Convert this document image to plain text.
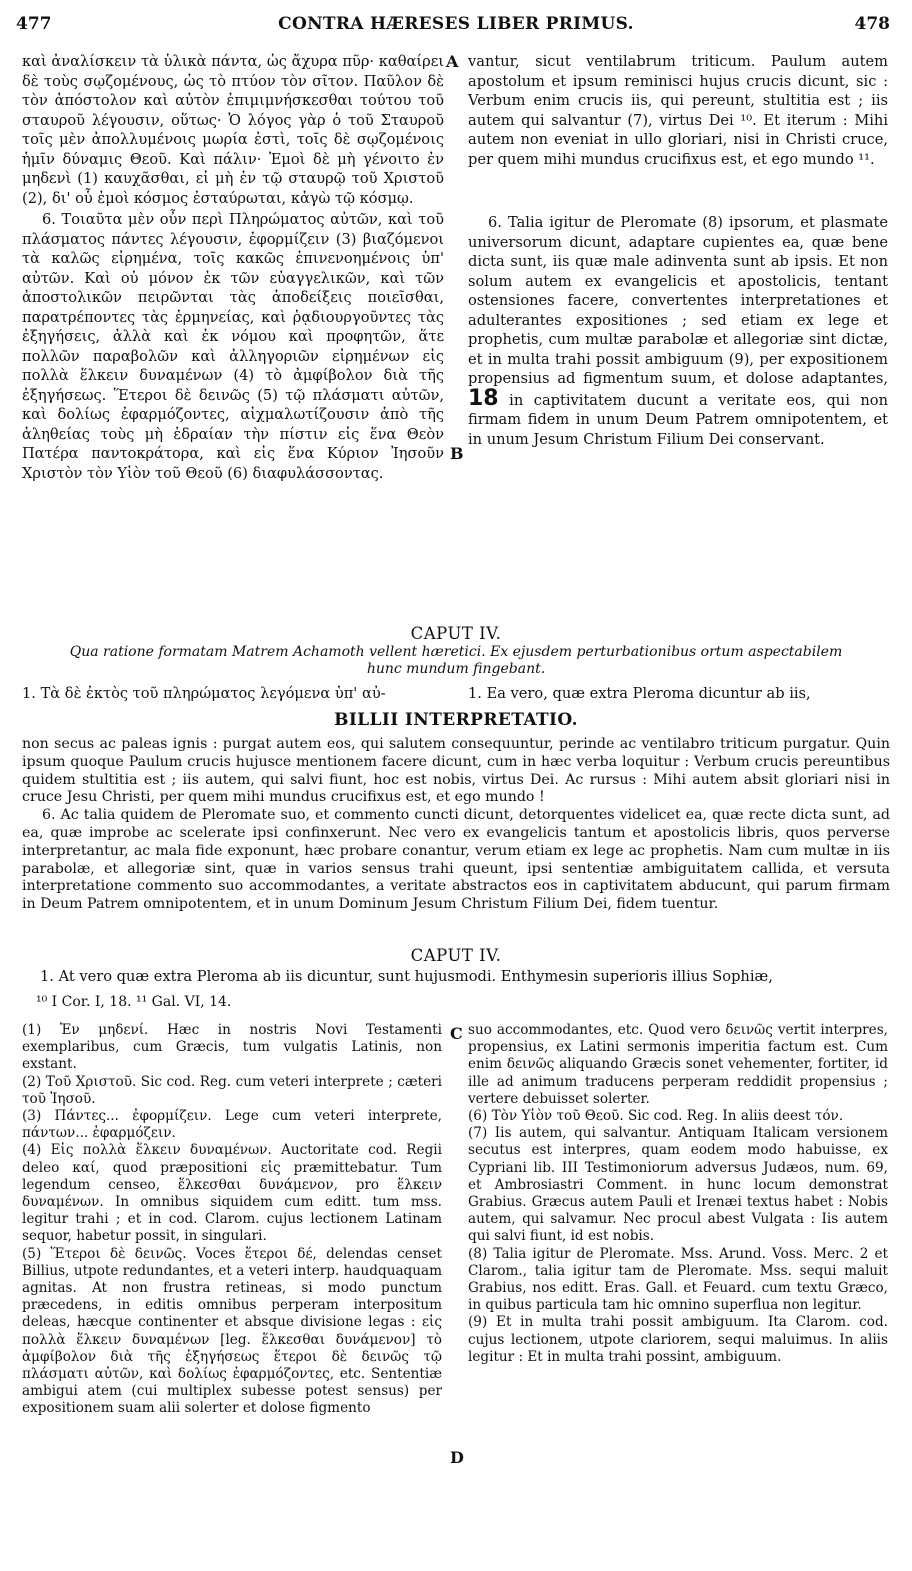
477	CONTRA HÆRESES LIBER PRIMUS.	478

καὶ ἀναλίσκειν τὰ ὑλικὰ πάντα, ὡς ἄχυρα πῦρ· καθαίρει δὲ τοὺς σῳζομένους, ὡς τὸ πτύον τὸν σῖτον. Παῦλον δὲ τὸν ἀπόστολον καὶ αὐτὸν ἐπιμιμνήσκεσθαι τούτου τοῦ σταυροῦ λέγουσιν, οὕτως· Ὁ λόγος γὰρ ὁ τοῦ Σταυροῦ τοῖς μὲν ἀπολλυμένοις μωρία ἐστὶ, τοῖς δὲ σῳζομένοις ἡμῖν δύναμις Θεοῦ. Καὶ πάλιν· Ἐμοὶ δὲ μὴ γένοιτο ἐν μηδενὶ (1) καυχᾶσθαι, εἰ μὴ ἐν τῷ σταυρῷ τοῦ Χριστοῦ (2), δι' οὗ ἐμοὶ κόσμος ἐσταύρωται, κἀγὼ τῷ κόσμῳ.

6. Τοιαῦτα μὲν οὖν περὶ Πληρώματος αὐτῶν, καὶ τοῦ πλάσματος πάντες λέγουσιν, ἐφορμίζειν (3) βιαζόμενοι τὰ καλῶς εἰρημένα, τοῖς κακῶς ἐπινενοημένοις ὑπ' αὐτῶν. Καὶ οὐ μόνον ἐκ τῶν εὐαγγελικῶν, καὶ τῶν ἀποστολικῶν πειρῶνται τὰς ἀποδείξεις ποιεῖσθαι, παρατρέποντες τὰς ἑρμηνείας, καὶ ῥᾳδιουργοῦντες τὰς ἐξηγήσεις, ἀλλὰ καὶ ἐκ νόμου καὶ προφητῶν, ἅτε πολλῶν παραβολῶν καὶ ἀλληγοριῶν εἰρημένων εἰς πολλὰ ἕλκειν δυναμένων (4) τὸ ἀμφίβολον διὰ τῆς ἐξηγήσεως. Ἕτεροι δὲ δεινῶς (5) τῷ πλάσματι αὐτῶν, καὶ δολίως ἐφαρμόζοντες, αἰχμαλωτίζουσιν ἀπὸ τῆς ἀληθείας τοὺς μὴ ἑδραίαν τὴν πίστιν εἰς ἕνα Θεὸν Πατέρα παντοκράτορα, καὶ εἰς ἕνα Κύριον Ἰησοῦν Χριστὸν τὸν Υἱὸν τοῦ Θεοῦ (6) διαφυλάσσοντας.

A
B

vantur, sicut ventilabrum triticum. Paulum autem apostolum et ipsum reminisci hujus crucis dicunt, sic : Verbum enim crucis iis, qui pereunt, stultitia est ; iis autem qui salvantur (7), virtus Dei ¹⁰. Et iterum : Mihi autem non eveniat in ullo gloriari, nisi in Christi cruce, per quem mihi mundus crucifixus est, et ego mundo ¹¹.

6. Talia igitur de Pleromate (8) ipsorum, et plasmate universorum dicunt, adaptare cupientes ea, quæ bene dicta sunt, iis quæ male adinventa sunt ab ipsis. Et non solum autem ex evangelicis et apostolicis, tentant ostensiones facere, convertentes interpretationes et adulterantes expositiones ; sed etiam ex lege et prophetis, cum multæ parabolæ et allegoriæ sint dictæ, et in multa trahi possit ambiguum (9), per expositionem propensius ad figmentum suum, et dolose adaptantes, 18 in captivitatem ducunt a veritate eos, qui non firmam fidem in unum Deum Patrem omnipotentem, et in unum Jesum Christum Filium Dei conservant.

CAPUT IV.
Qua ratione formatam Matrem Achamoth vellent hæretici. Ex ejusdem perturbationibus ortum aspectabilem hunc mundum fingebant.
1. Τὰ δὲ ἐκτὸς τοῦ πληρώματος λεγόμενα ὑπ' αὐ-	1. Ea vero, quæ extra Pleroma dicuntur ab iis,
BILLII INTERPRETATIO.

non secus ac paleas ignis : purgat autem eos, qui salutem consequuntur, perinde ac ventilabro triticum purgatur. Quin ipsum quoque Paulum crucis hujusce mentionem facere dicunt, cum in hæc verba loquitur : Verbum crucis pereuntibus quidem stultitia est ; iis autem, qui salvi fiunt, hoc est nobis, virtus Dei. Ac rursus : Mihi autem absit gloriari nisi in cruce Jesu Christi, per quem mihi mundus crucifixus est, et ego mundo !

6. Ac talia quidem de Pleromate suo, et commento cuncti dicunt, detorquentes videlicet ea, quæ recte dicta sunt, ad ea, quæ improbe ac scelerate ipsi confinxerunt. Nec vero ex evangelicis tantum et apostolicis libris, quos perverse interpretantur, ac mala fide exponunt, hæc probare conantur, verum etiam ex lege ac prophetis. Nam cum multæ in iis parabolæ, et allegoriæ sint, quæ in varios sensus trahi queunt, ipsi sententiæ ambiguitatem callida, et versuta interpretatione commento suo accommodantes, a veritate abstractos eos in captivitatem abducunt, qui parum firmam in Deum Patrem omnipotentem, et in unum Dominum Jesum Christum Filium Dei, fidem tuentur.

CAPUT IV.
1. At vero quæ extra Pleroma ab iis dicuntur, sunt hujusmodi. Enthymesin superioris illius Sophiæ,
¹⁰ I Cor. I, 18. ¹¹ Gal. VI, 14.
C
D

(1) Ἐν μηδενί. Hæc in nostris Novi Testamenti exemplaribus, cum Græcis, tum vulgatis Latinis, non exstant.

(2) Τοῦ Χριστοῦ. Sic cod. Reg. cum veteri interprete ; cæteri τοῦ Ἰησοῦ.

(3) Πάντες... ἐφορμίζειν. Lege cum veteri interprete, πάντων... ἐφαρμόζειν.

(4) Εἰς πολλὰ ἕλκειν δυναμένων. Auctoritate cod. Regii deleo καί, quod præpositioni εἰς præmittebatur. Tum legendum censeo, ἕλκεσθαι δυνάμενον, pro ἕλκειν δυναμένων. In omnibus siquidem cum editt. tum mss. legitur trahi ; et in cod. Clarom. cujus lectionem Latinam sequor, habetur possit, in singulari.

(5) Ἕτεροι δὲ δεινῶς. Voces ἕτεροι δέ, delendas censet Billius, utpote redundantes, et a veteri interp. haudquaquam agnitas. At non frustra retineas, si modo punctum præcedens, in editis omnibus perperam interpositum deleas, hæcque continenter et absque divisione legas : εἰς πολλὰ ἕλκειν δυναμένων [leg. ἕλκεσθαι δυνάμενον] τὸ ἀμφίβολον διὰ τῆς ἐξηγήσεως ἕτεροι δὲ δεινῶς τῷ πλάσματι αὐτῶν, καὶ δολίως ἐφαρμόζοντες, etc. Sententiæ ambigui atem (cui multiplex subesse potest sensus) per expositionem suam alii solerter et dolose figmento

suo accommodantes, etc. Quod vero δεινῶς vertit interpres, propensius, ex Latini sermonis imperitia factum est. Cum enim δεινῶς aliquando Græcis sonet vehementer, fortiter, id ille ad animum traducens perperam reddidit propensius ; vertere debuisset solerter.

(6) Τὸν Υἱὸν τοῦ Θεοῦ. Sic cod. Reg. In aliis deest τόν.

(7) Iis autem, qui salvantur. Antiquam Italicam versionem secutus est interpres, quam eodem modo habuisse, ex Cypriani lib. III Testimoniorum adversus Judæos, num. 69, et Ambrosiastri Comment. in hunc locum demonstrat Grabius. Græcus autem Pauli et Irenæi textus habet : Nobis autem, qui salvamur. Nec procul abest Vulgata : Iis autem qui salvi fiunt, id est nobis.

(8) Talia igitur de Pleromate. Mss. Arund. Voss. Merc. 2 et Clarom., talia igitur tam de Pleromate. Mss. sequi maluit Grabius, nos editt. Eras. Gall. et Feuard. cum textu Græco, in quibus particula tam hic omnino superflua non legitur.

(9) Et in multa trahi possit ambiguum. Ita Clarom. cod. cujus lectionem, utpote clariorem, sequi maluimus. In aliis legitur : Et in multa trahi possint, ambiguum.
